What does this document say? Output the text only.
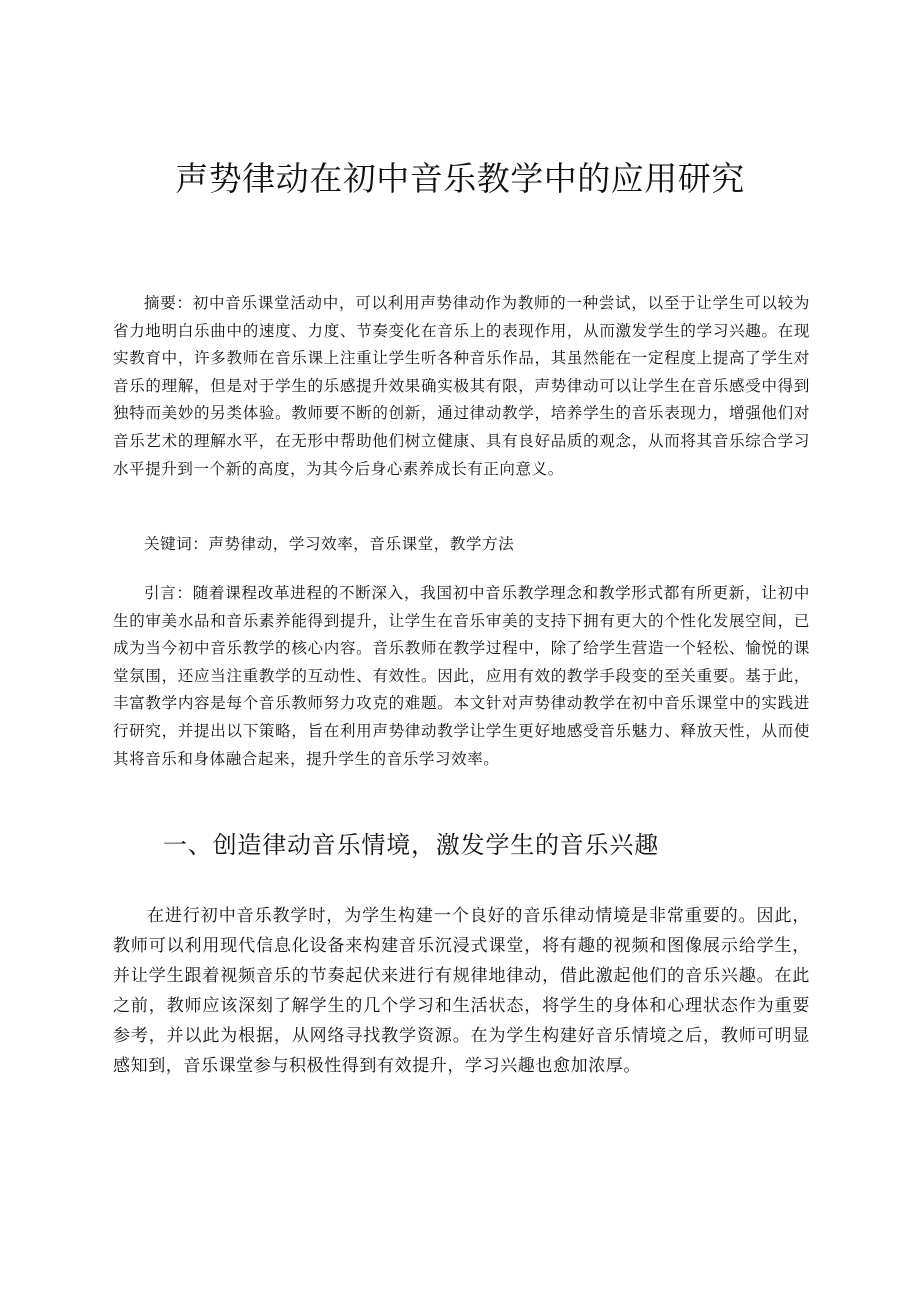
声势律动在初中音乐教学中的应用研究

摘要：初中音乐课堂活动中，可以利用声势律动作为教师的一种尝试，以至于让学生可以较为省力地明白乐曲中的速度、力度、节奏变化在音乐上的表现作用，从而激发学生的学习兴趣。在现实教育中，许多教师在音乐课上注重让学生听各种音乐作品，其虽然能在一定程度上提高了学生对音乐的理解，但是对于学生的乐感提升效果确实极其有限，声势律动可以让学生在音乐感受中得到独特而美妙的另类体验。教师要不断的创新，通过律动教学，培养学生的音乐表现力，增强他们对音乐艺术的理解水平，在无形中帮助他们树立健康、具有良好品质的观念，从而将其音乐综合学习水平提升到一个新的高度，为其今后身心素养成长有正向意义。

关键词：声势律动，学习效率，音乐课堂，教学方法

引言：随着课程改革进程的不断深入，我国初中音乐教学理念和教学形式都有所更新，让初中生的审美水品和音乐素养能得到提升，让学生在音乐审美的支持下拥有更大的个性化发展空间，已成为当今初中音乐教学的核心内容。音乐教师在教学过程中，除了给学生营造一个轻松、愉悦的课堂氛围，还应当注重教学的互动性、有效性。因此，应用有效的教学手段变的至关重要。基于此，丰富教学内容是每个音乐教师努力攻克的难题。本文针对声势律动教学在初中音乐课堂中的实践进行研究，并提出以下策略，旨在利用声势律动教学让学生更好地感受音乐魅力、释放天性，从而使其将音乐和身体融合起来，提升学生的音乐学习效率。

一、创造律动音乐情境，激发学生的音乐兴趣

在进行初中音乐教学时，为学生构建一个良好的音乐律动情境是非常重要的。因此，教师可以利用现代信息化设备来构建音乐沉浸式课堂，将有趣的视频和图像展示给学生，并让学生跟着视频音乐的节奏起伏来进行有规律地律动，借此激起他们的音乐兴趣。在此之前，教师应该深刻了解学生的几个学习和生活状态，将学生的身体和心理状态作为重要参考，并以此为根据，从网络寻找教学资源。在为学生构建好音乐情境之后，教师可明显感知到，音乐课堂参与积极性得到有效提升，学习兴趣也愈加浓厚。
